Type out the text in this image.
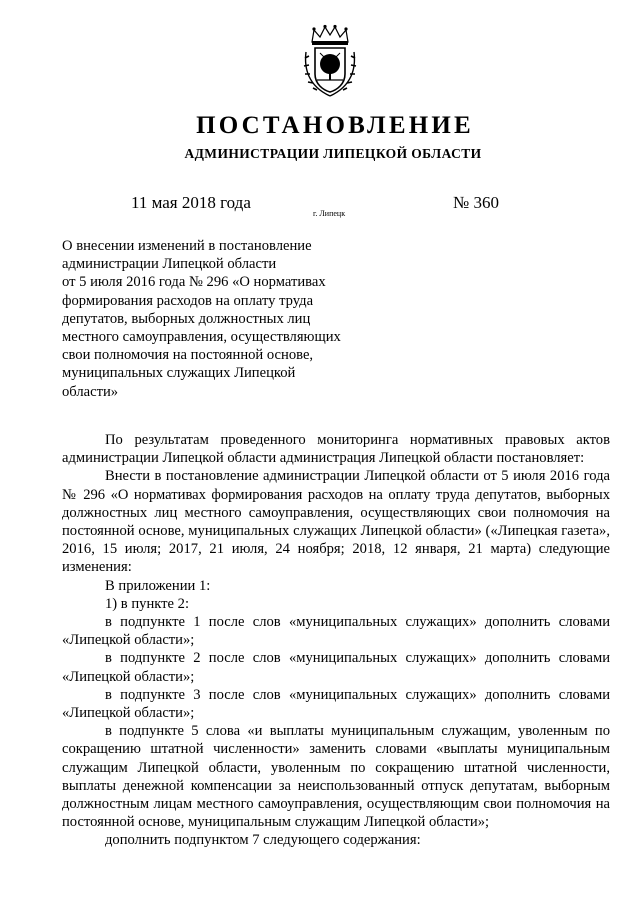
ПОСТАНОВЛЕНИЕ
АДМИНИСТРАЦИИ ЛИПЕЦКОЙ ОБЛАСТИ
11 мая 2018 года
г. Липецк
№ 360
О внесении изменений в постановление
администрации Липецкой области
от 5 июля 2016 года № 296 «О нормативах
формирования расходов на оплату труда
депутатов, выборных должностных лиц
местного самоуправления, осуществляющих
свои полномочия на постоянной основе,
муниципальных служащих Липецкой
области»

По результатам проведенного мониторинга нормативных правовых актов администрации Липецкой области администрация Липецкой области постановляет:

Внести в постановление администрации Липецкой области от 5 июля 2016 года № 296 «О нормативах формирования расходов на оплату труда депутатов, выборных должностных лиц местного самоуправления, осуществляющих свои полномочия на постоянной основе, муниципальных служащих Липецкой области» («Липецкая газета», 2016, 15 июля; 2017, 21 июля, 24 ноября; 2018, 12 января, 21 марта) следующие изменения:

В приложении 1:

1) в пункте 2:

в подпункте 1 после слов «муниципальных служащих» дополнить словами «Липецкой области»;

в подпункте 2 после слов «муниципальных служащих» дополнить словами «Липецкой области»;

в подпункте 3 после слов «муниципальных служащих» дополнить словами «Липецкой области»;

в подпункте 5 слова «и выплаты муниципальным служащим, уволенным по сокращению штатной численности» заменить словами «выплаты муниципальным служащим Липецкой области, уволенным по сокращению штатной численности, выплаты денежной компенсации за неиспользованный отпуск депутатам, выборным должностным лицам местного самоуправления, осуществляющим свои полномочия на постоянной основе, муниципальным служащим Липецкой области»;

дополнить подпунктом 7 следующего содержания:
